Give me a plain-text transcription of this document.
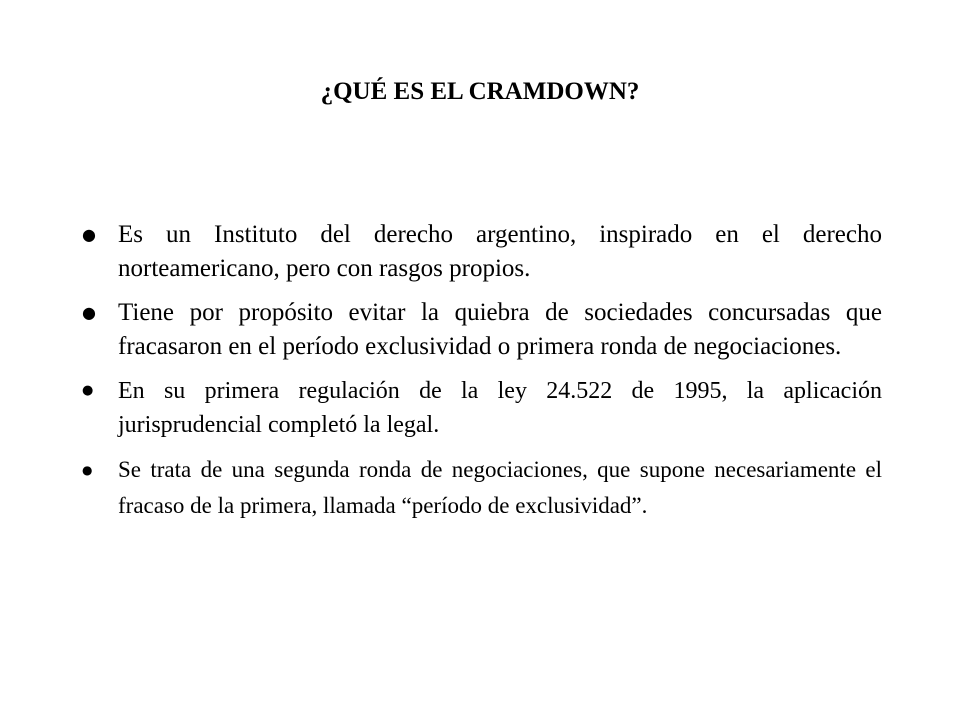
¿QUÉ ES EL CRAMDOWN?
● Es un Instituto del derecho argentino, inspirado en el derecho norteamericano, pero con rasgos propios.
● Tiene por propósito evitar la quiebra de sociedades concursadas que fracasaron en el período exclusividad o primera ronda de negociaciones.
● En su primera regulación de la ley 24.522 de 1995, la aplicación jurisprudencial completó la legal.
● Se trata de una segunda ronda de negociaciones, que supone necesariamente el fracaso de la primera, llamada “período de exclusividad”.
